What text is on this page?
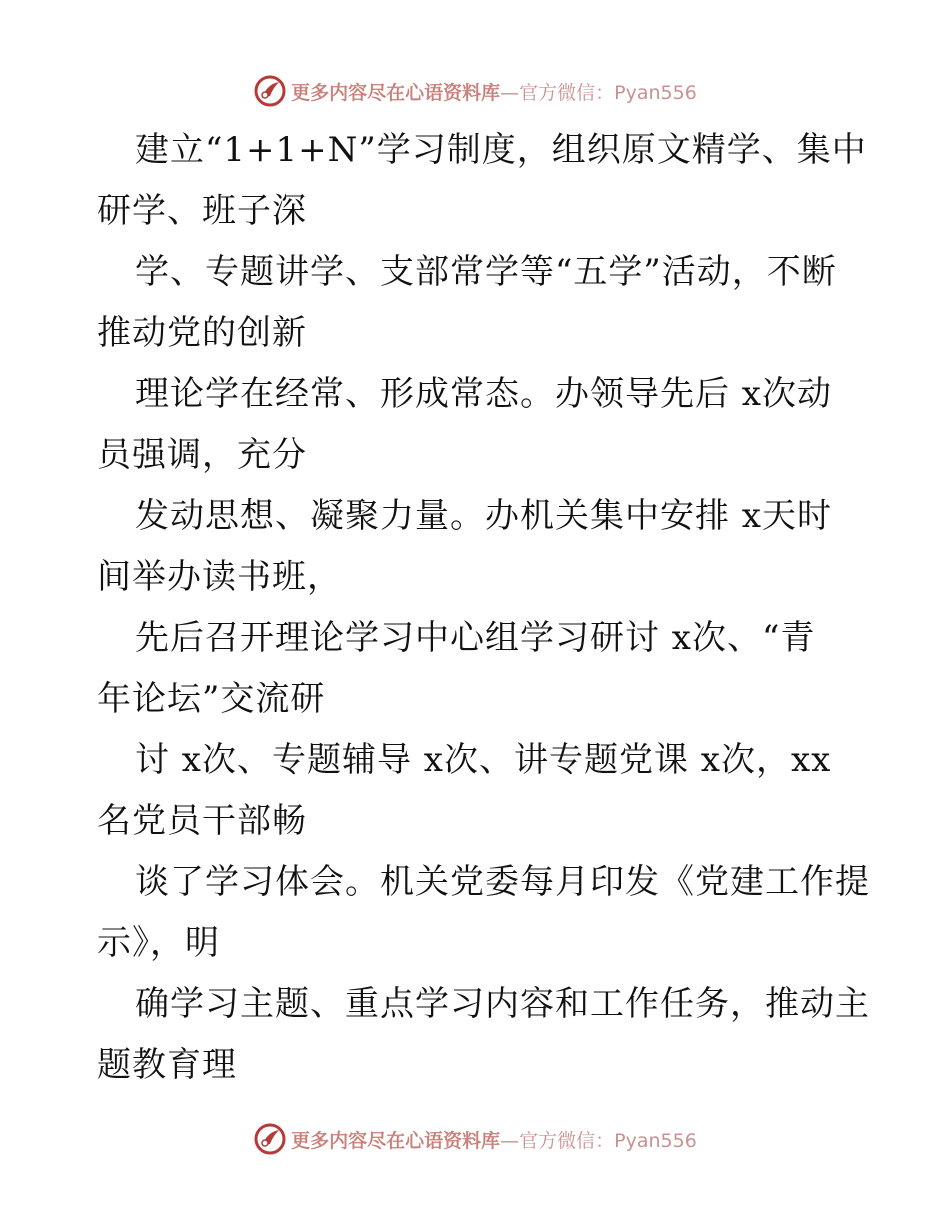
更多内容尽在心语资料库 —官方微信：Pyan556
建立“1+1+N”学习制度，组织原文精学、集中
研学、班子深
学、专题讲学、支部常学等“五学”活动，不断
推动党的创新
理论学在经常、形成常态。办领导先后 x次动
员强调，充分
发动思想、凝聚力量。办机关集中安排 x天时
间举办读书班，
先后召开理论学习中心组学习研讨 x次、“青
年论坛”交流研
讨 x次、专题辅导 x次、讲专题党课 x次，xx
名党员干部畅
谈了学习体会。机关党委每月印发《党建工作提
示》，明
确学习主题、重点学习内容和工作任务，推动主
题教育理
更多内容尽在心语资料库 —官方微信：Pyan556
